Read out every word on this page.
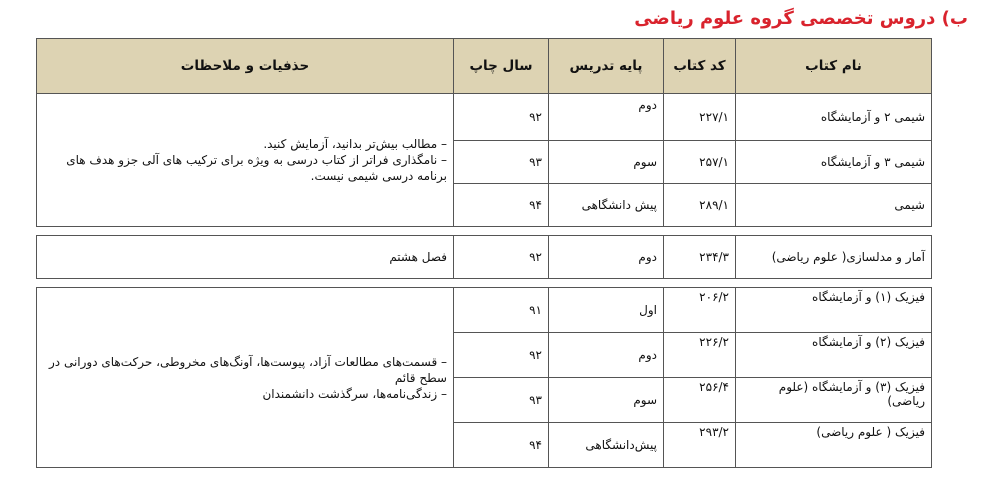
ب) دروس تخصصی گروه علوم ریاضی
نام کتاب	کد کتاب	پایه تدریس	سال چاپ	حذفیات و ملاحظات
شیمی ۲ و آزمایشگاه	۲۲۷/۱	دوم	۹۲	– مطالب بیش‌تر بدانید، آزمایش کنید.
– نامگذاری فراتر از کتاب درسی به ویژه برای ترکیب های آلی جزو هدف های برنامه درسی شیمی نیست.

شیمی ۳ و آزمایشگاه	۲۵۷/۱	سوم	۹۳	
شیمی	۲۸۹/۱	پیش دانشگاهی	۹۴	

آمار و مدلسازی( علوم ریاضی)	۲۳۴/۳	دوم	۹۲	فصل هشتم

فیزیک (۱) و آزمایشگاه	۲۰۶/۲	اول	۹۱	– قسمت‌های مطالعات آزاد، پیوست‌ها، آونگ‌های مخروطی، حرکت‌های دورانی در سطح قائم
– زندگی‌نامه‌ها، سرگذشت دانشمندان

فیزیک (۲) و آزمایشگاه	۲۲۶/۲	دوم	۹۲	
فیزیک (۳) و آزمایشگاه (علوم ریاضی)	۲۵۶/۴	سوم	۹۳	
فیزیک ( علوم ریاضی)	۲۹۳/۲	پیش‌دانشگاهی	۹۴	
